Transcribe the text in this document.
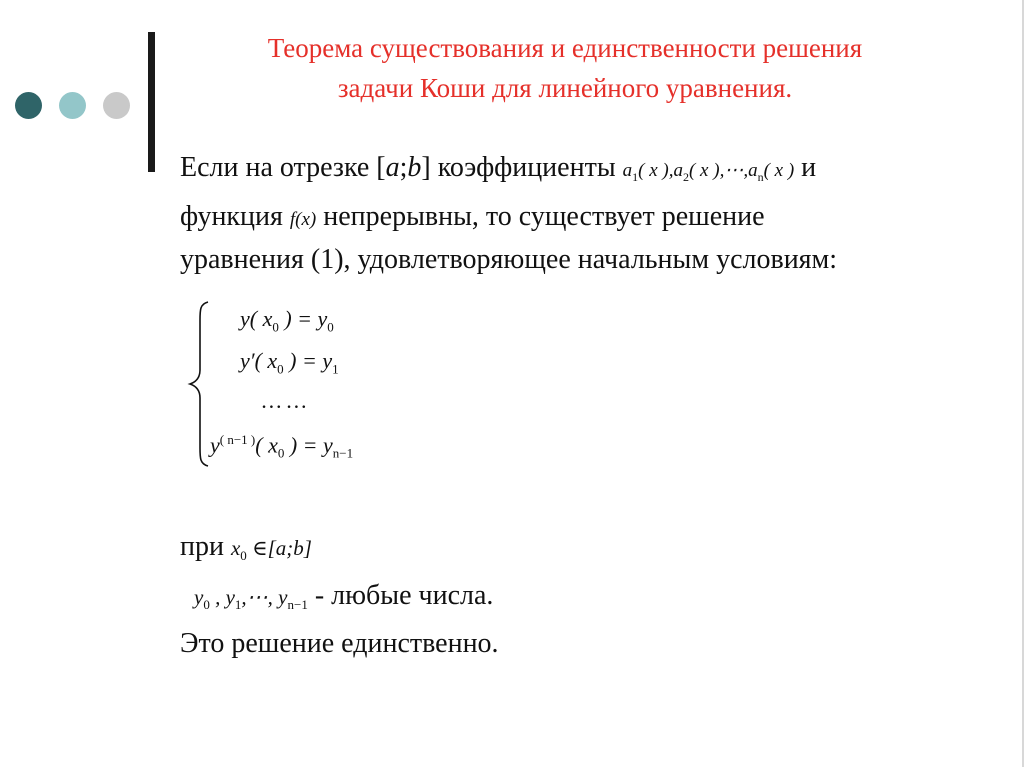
Теорема существования и единственности решения
задачи Коши для линейного уравнения.
Если на отрезке [a;b] коэффициенты $a_1$( x )$,a_2$( x )$,\cdots,a_n$( x ) и
функция f(x) непрерывны, то существует решение
уравнения (1), удовлетворяющее начальным условиям:
y( $x_0$ ) = $y_0$
y′( $x_0$ ) = $y_1$
… …
$y^{( n-1 )}$( $x_0$ ) = $y_{n-1}$
при $x_0$ ∈[a;b]
$y_0$ , $y_1,\cdots$, $y_{n-1}$ - любые числа.
Это решение единственно.
